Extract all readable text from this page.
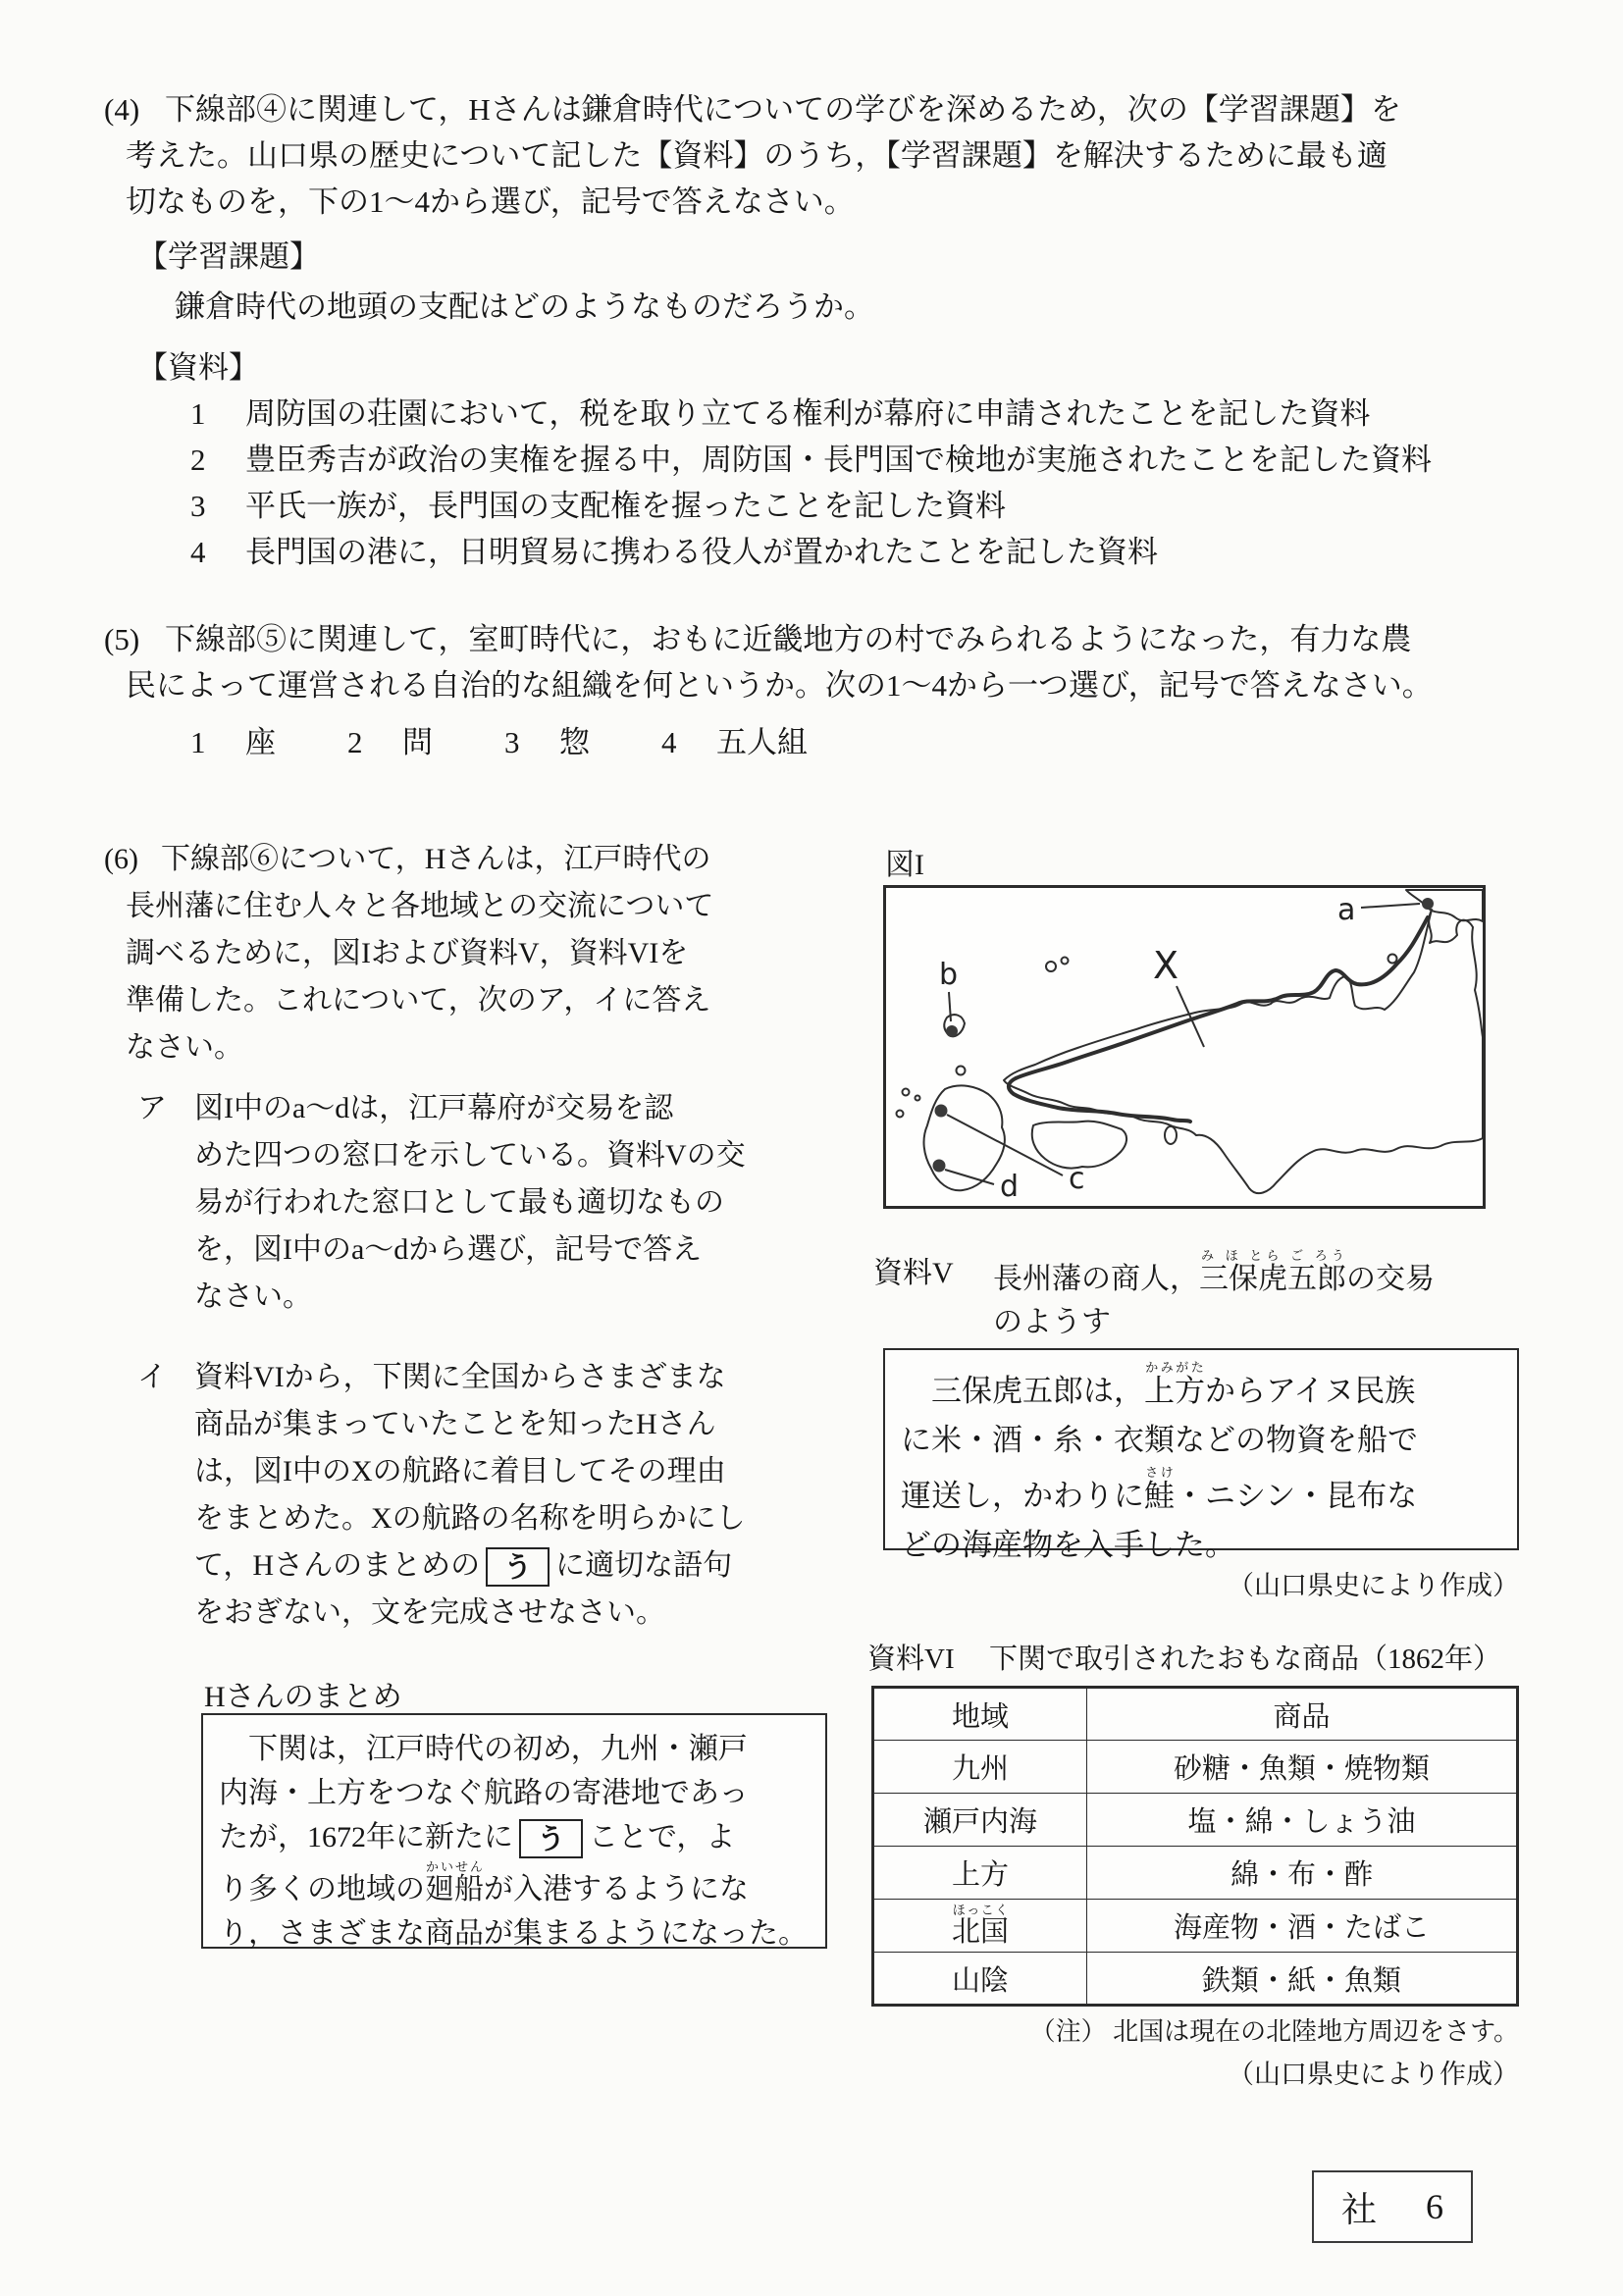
(4) 下線部④に関連して，Hさんは鎌倉時代についての学びを深めるため，次の【学習課題】を
考えた。山口県の歴史について記した【資料】のうち，【学習課題】を解決するために最も適
切なものを，下の1～4から選び，記号で答えなさい。
【学習課題】
鎌倉時代の地頭の支配はどのようなものだろうか。
【資料】
1	周防国の荘園において，税を取り立てる権利が幕府に申請されたことを記した資料
2	豊臣秀吉が政治の実権を握る中，周防国・長門国で検地が実施されたことを記した資料
3	平氏一族が，長門国の支配権を握ったことを記した資料
4	長門国の港に，日明貿易に携わる役人が置かれたことを記した資料
(5) 下線部⑤に関連して，室町時代に，おもに近畿地方の村でみられるようになった，有力な農
民によって運営される自治的な組織を何というか。次の1～4から一つ選び，記号で答えなさい。
1	座 2	問 3	惣 4	五人組
(6) 下線部⑥について，Hさんは，江戸時代の
長州藩に住む人々と各地域との交流について
調べるために，図Iおよび資料V，資料VIを
準備した。これについて，次のア，イに答え
なさい。
ア 図I中のa～dは，江戸幕府が交易を認
めた四つの窓口を示している。資料Vの交
易が行われた窓口として最も適切なもの
を，図I中のa～dから選び，記号で答え
なさい。
イ 資料VIから，下関に全国からさまざまな
商品が集まっていたことを知ったHさん
は，図I中のXの航路に着目してその理由
をまとめた。Xの航路の名称を明らかにし
て，Hさんのまとめの う に適切な語句
をおぎない，文を完成させなさい。
Hさんのまとめ
　下関は，江戸時代の初め，九州・瀬戸
内海・上方をつなぐ航路の寄港地であっ
たが，1672年に新たに う ことで，よ
り多くの地域の廻船かいせんが入港するようにな
り，さまざまな商品が集まるようになった。
図I
a
b
c
d
X
資料V	長州藩の商人，三保虎五郎み ほ とら ご ろうの交易
のようす
　三保虎五郎は，上方かみがたからアイヌ民族
に米・酒・糸・衣類などの物資を船で
運送し，かわりに鮭さけ・ニシン・昆布な
どの海産物を入手した。
（山口県史により作成）
資料VI	下関で取引されたおもな商品（1862年）
地域	商品
九州	砂糖・魚類・焼物類
瀬戸内海	塩・綿・しょう油
上方	綿・布・酢
北国ほっこく	海産物・酒・たばこ
山陰	鉄類・紙・魚類
（注） 北国は現在の北陸地方周辺をさす。
（山口県史により作成）
社 6
